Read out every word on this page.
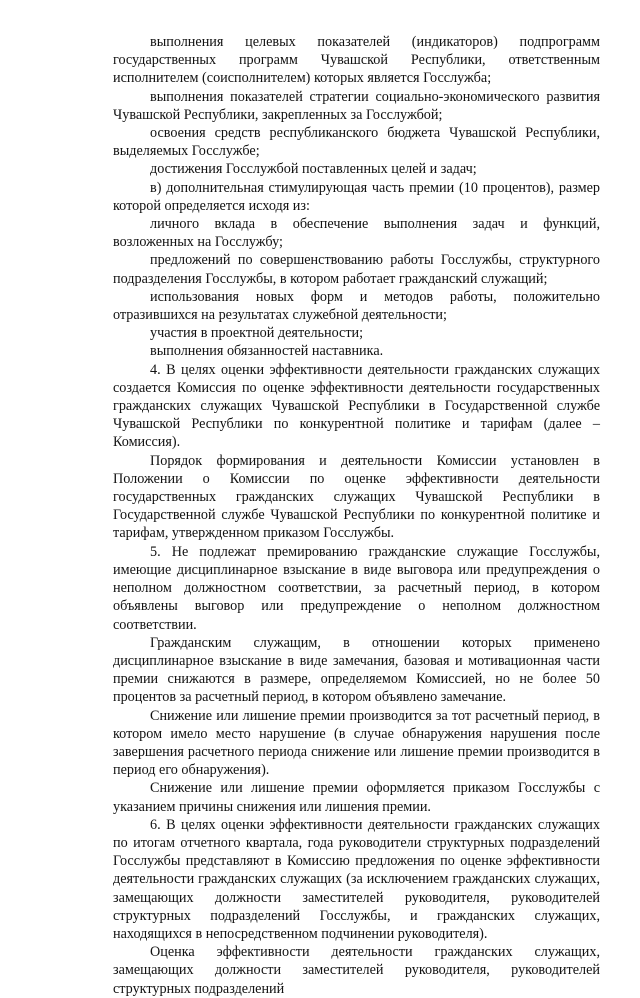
выполнения целевых показателей (индикаторов) подпрограмм государственных программ Чувашской Республики, ответственным исполнителем (соисполнителем) которых является Госслужба;

выполнения показателей стратегии социально-экономического развития Чувашской Республики, закрепленных за Госслужбой;

освоения средств республиканского бюджета Чувашской Республики, выделяемых Госслужбе;

достижения Госслужбой поставленных целей и задач;

в) дополнительная стимулирующая часть премии (10 процентов), размер которой определяется исходя из:

личного вклада в обеспечение выполнения задач и функций, возложенных на Госслужбу;

предложений по совершенствованию работы Госслужбы, структурного подразделения Госслужбы, в котором работает гражданский служащий;

использования новых форм и методов работы, положительно отразившихся на результатах служебной деятельности;

участия в проектной деятельности;

выполнения обязанностей наставника.

4. В целях оценки эффективности деятельности гражданских служащих создается Комиссия по оценке эффективности деятельности государственных гражданских служащих Чувашской Республики в Государственной службе Чувашской Республики по конкурентной политике и тарифам (далее – Комиссия).

Порядок формирования и деятельности Комиссии установлен в Положении о Комиссии по оценке эффективности деятельности государственных гражданских служащих Чувашской Республики в Государственной службе Чувашской Республики по конкурентной политике и тарифам, утвержденном приказом Госслужбы.

5. Не подлежат премированию гражданские служащие Госслужбы, имеющие дисциплинарное взыскание в виде выговора или предупреждения о неполном должностном соответствии, за расчетный период, в котором объявлены выговор или предупреждение о неполном должностном соответствии.

Гражданским служащим, в отношении которых применено дисциплинарное взыскание в виде замечания, базовая и мотивационная части премии снижаются в размере, определяемом Комиссией, но не более 50 процентов за расчетный период, в котором объявлено замечание.

Снижение или лишение премии производится за тот расчетный период, в котором имело место нарушение (в случае обнаружения нарушения после завершения расчетного периода снижение или лишение премии производится в период его обнаружения).

Снижение или лишение премии оформляется приказом Госслужбы с указанием причины снижения или лишения премии.

6. В целях оценки эффективности деятельности гражданских служащих по итогам отчетного квартала, года руководители структурных подразделений Госслужбы представляют в Комиссию предложения по оценке эффективности деятельности гражданских служащих (за исключением гражданских служащих, замещающих должности заместителей руководителя, руководителей структурных подразделений Госслужбы, и гражданских служащих, находящихся в непосредственном подчинении руководителя).

Оценка эффективности деятельности гражданских служащих, замещающих должности заместителей руководителя, руководителей структурных подразделений
